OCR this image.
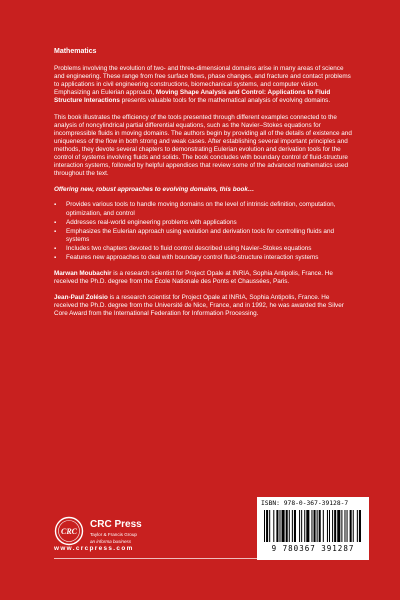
Mathematics

Problems involving the evolution of two- and three-dimensional domains arise in many areas of science and engineering. These range from free surface flows, phase changes, and fracture and contact problems to applications in civil engineering constructions, biomechanical systems, and computer vision. Emphasizing an Eulerian approach, Moving Shape Analysis and Control: Applications to Fluid Structure Interactions presents valuable tools for the mathematical analysis of evolving domains.

This book illustrates the efficiency of the tools presented through different examples connected to the analysis of noncylindrical partial differential equations, such as the Navier–Stokes equations for incompressible fluids in moving domains. The authors begin by providing all of the details of existence and uniqueness of the flow in both strong and weak cases. After establishing several important principles and methods, they devote several chapters to demonstrating Eulerian evolution and derivation tools for the control of systems involving fluids and solids. The book concludes with boundary control of fluid-structure interaction systems, followed by helpful appendices that review some of the advanced mathematics used throughout the text.

Offering new, robust approaches to evolving domains, this book…

▪ Provides various tools to handle moving domains on the level of intrinsic definition, computation, optimization, and control
▪ Addresses real-world engineering problems with applications
▪ Emphasizes the Eulerian approach using evolution and derivation tools for controlling fluids and systems
▪ Includes two chapters devoted to fluid control described using Navier–Stokes equations
▪ Features new approaches to deal with boundary control fluid-structure interaction systems

Marwan Moubachir is a research scientist for Project Opale at INRIA, Sophia Antipolis, France. He received the Ph.D. degree from the École Nationale des Ponts et Chaussées, Paris.

Jean-Paul Zolésio is a research scientist for Project Opale at INRIA, Sophia Antipolis, France. He received the Ph.D. degree from the Université de Nice, France, and in 1992, he was awarded the Silver Core Award from the International Federation for Information Processing.

CRC
CRC Press
Taylor & Francis Group
an informa business
www.crcpress.com
ISBN: 978-0-367-39128-7
9 780367 391287
